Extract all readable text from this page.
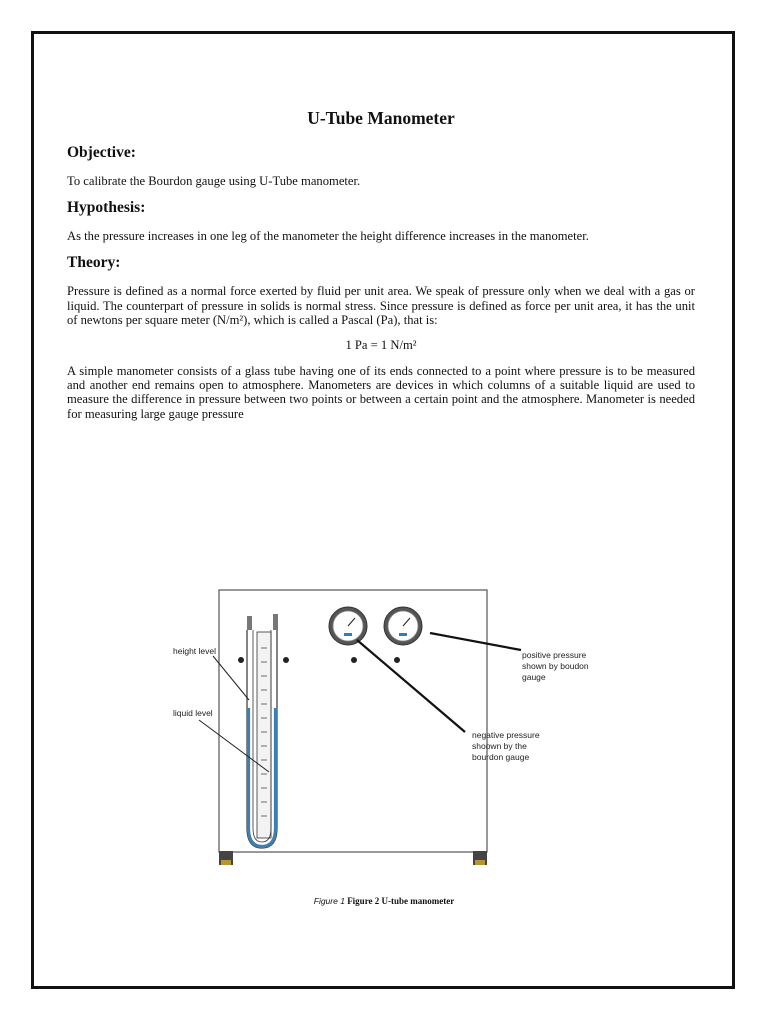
U-Tube Manometer
Objective:

To calibrate the Bourdon gauge using U-Tube manometer.

Hypothesis:

As the pressure increases in one leg of the manometer the height difference increases in the manometer.

Theory:

Pressure is defined as a normal force exerted by fluid per unit area. We speak of pressure only when we deal with a gas or liquid. The counterpart of pressure in solids is normal stress. Since pressure is defined as force per unit area, it has the unit of newtons per square meter (N/m²), which is called a Pascal (Pa), that is:

1 Pa = 1 N/m²

A simple manometer consists of a glass tube having one of its ends connected to a point where pressure is to be measured and another end remains open to atmosphere. Manometers are devices in which columns of a suitable liquid are used to measure the difference in pressure between two points or between a certain point and the atmosphere. Manometer is needed for measuring large gauge pressure

height level
liquid level
positive pressure
shown by boudon
gauge
negative pressure
shoown by the
bourdon gauge
Figure 1 Figure 2 U-tube manometer
